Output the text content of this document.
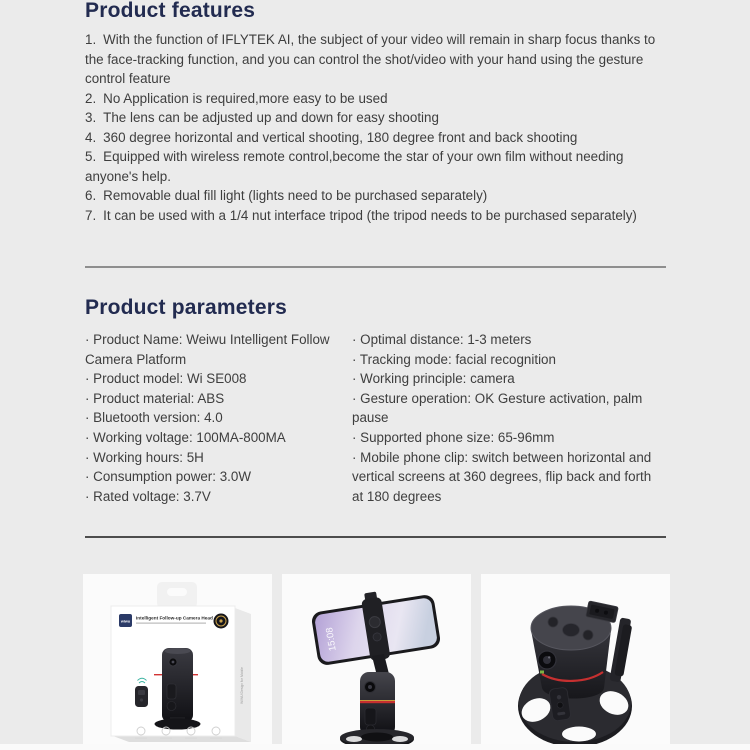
Product features
1. With the function of IFLYTEK AI, the subject of your video will remain in sharp focus thanks to the face-tracking function, and you can control the shot/video with your hand using the gesture control feature
2. No Application is required,more easy to be used
3. The lens can be adjusted up and down for easy shooting
4. 360 degree horizontal and vertical shooting, 180 degree front and back shooting
5. Equipped with wireless remote control,become the star of your own film without needing anyone's help.
6. Removable dual fill light (lights need to be purchased separately)
7. It can be used with a 1/4 nut interface tripod (the tripod needs to be purchased separately)
Product parameters
· Product Name: Weiwu Intelligent Follow Camera Platform
· Product model: Wi SE008
· Product material: ABS
· Bluetooth version: 4.0
· Working voltage: 100MA-800MA
· Working hours: 5H
· Consumption power: 3.0W
· Rated voltage: 3.7V
· Optimal distance: 1-3 meters
· Tracking mode: facial recognition
· Working principle: camera
· Gesture operation: OK Gesture activation, palm pause
· Supported phone size: 65-96mm
· Mobile phone clip: switch between horizontal and vertical screens at 360 degrees, flip back and forth at 180 degrees
WiWU Design for Mobile
wiwu
Intelligent Follow-up Camera Head
15:08
